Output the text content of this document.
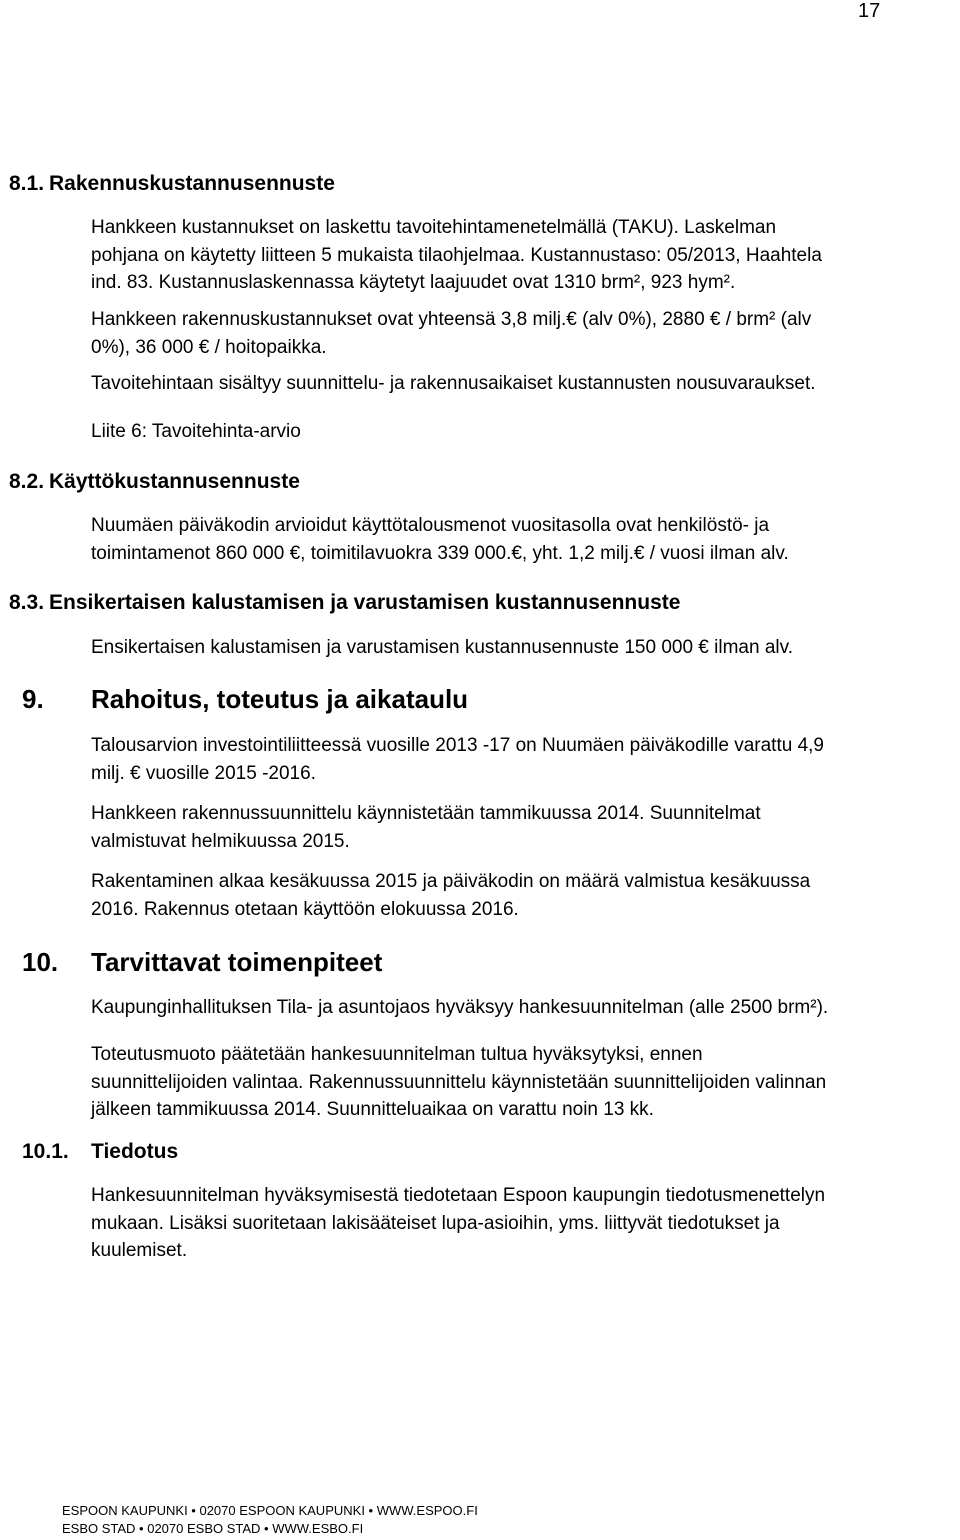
17
8.1. Rakennuskustannusennuste
Hankkeen kustannukset on laskettu tavoitehintamenetelmällä (TAKU). Laskelman
pohjana on käytetty liitteen 5 mukaista tilaohjelmaa. Kustannustaso: 05/2013, Haahtela
ind. 83. Kustannuslaskennassa käytetyt laajuudet ovat 1310 brm², 923 hym².
Hankkeen rakennuskustannukset ovat yhteensä 3,8 milj.€ (alv 0%), 2880 € / brm² (alv
0%), 36 000 € / hoitopaikka.
Tavoitehintaan sisältyy suunnittelu- ja rakennusaikaiset kustannusten nousuvaraukset.
Liite 6: Tavoitehinta-arvio
8.2. Käyttökustannusennuste
Nuumäen päiväkodin arvioidut käyttötalousmenot vuositasolla ovat henkilöstö- ja
toimintamenot 860 000 €, toimitilavuokra 339 000.€, yht. 1,2 milj.€ / vuosi ilman alv.
8.3. Ensikertaisen kalustamisen ja varustamisen kustannusennuste
Ensikertaisen kalustamisen ja varustamisen kustannusennuste 150 000 € ilman alv.
9. Rahoitus, toteutus ja aikataulu
Talousarvion investointiliitteessä vuosille 2013 -17 on Nuumäen päiväkodille varattu 4,9
milj. € vuosille 2015 -2016.
Hankkeen rakennussuunnittelu käynnistetään tammikuussa 2014. Suunnitelmat
valmistuvat helmikuussa 2015.
Rakentaminen alkaa kesäkuussa 2015 ja päiväkodin on määrä valmistua kesäkuussa
2016. Rakennus otetaan käyttöön elokuussa 2016.
10. Tarvittavat toimenpiteet
Kaupunginhallituksen Tila- ja asuntojaos hyväksyy hankesuunnitelman (alle 2500 brm²).
Toteutusmuoto päätetään hankesuunnitelman tultua hyväksytyksi, ennen
suunnittelijoiden valintaa. Rakennussuunnittelu käynnistetään suunnittelijoiden valinnan
jälkeen tammikuussa 2014. Suunnitteluaikaa on varattu noin 13 kk.
10.1. Tiedotus
Hankesuunnitelman hyväksymisestä tiedotetaan Espoon kaupungin tiedotusmenettelyn
mukaan. Lisäksi suoritetaan lakisääteiset lupa-asioihin, yms. liittyvät tiedotukset ja
kuulemiset.
ESPOON KAUPUNKI • 02070 ESPOON KAUPUNKI • WWW.ESPOO.FI
ESBO STAD • 02070 ESBO STAD • WWW.ESBO.FI
